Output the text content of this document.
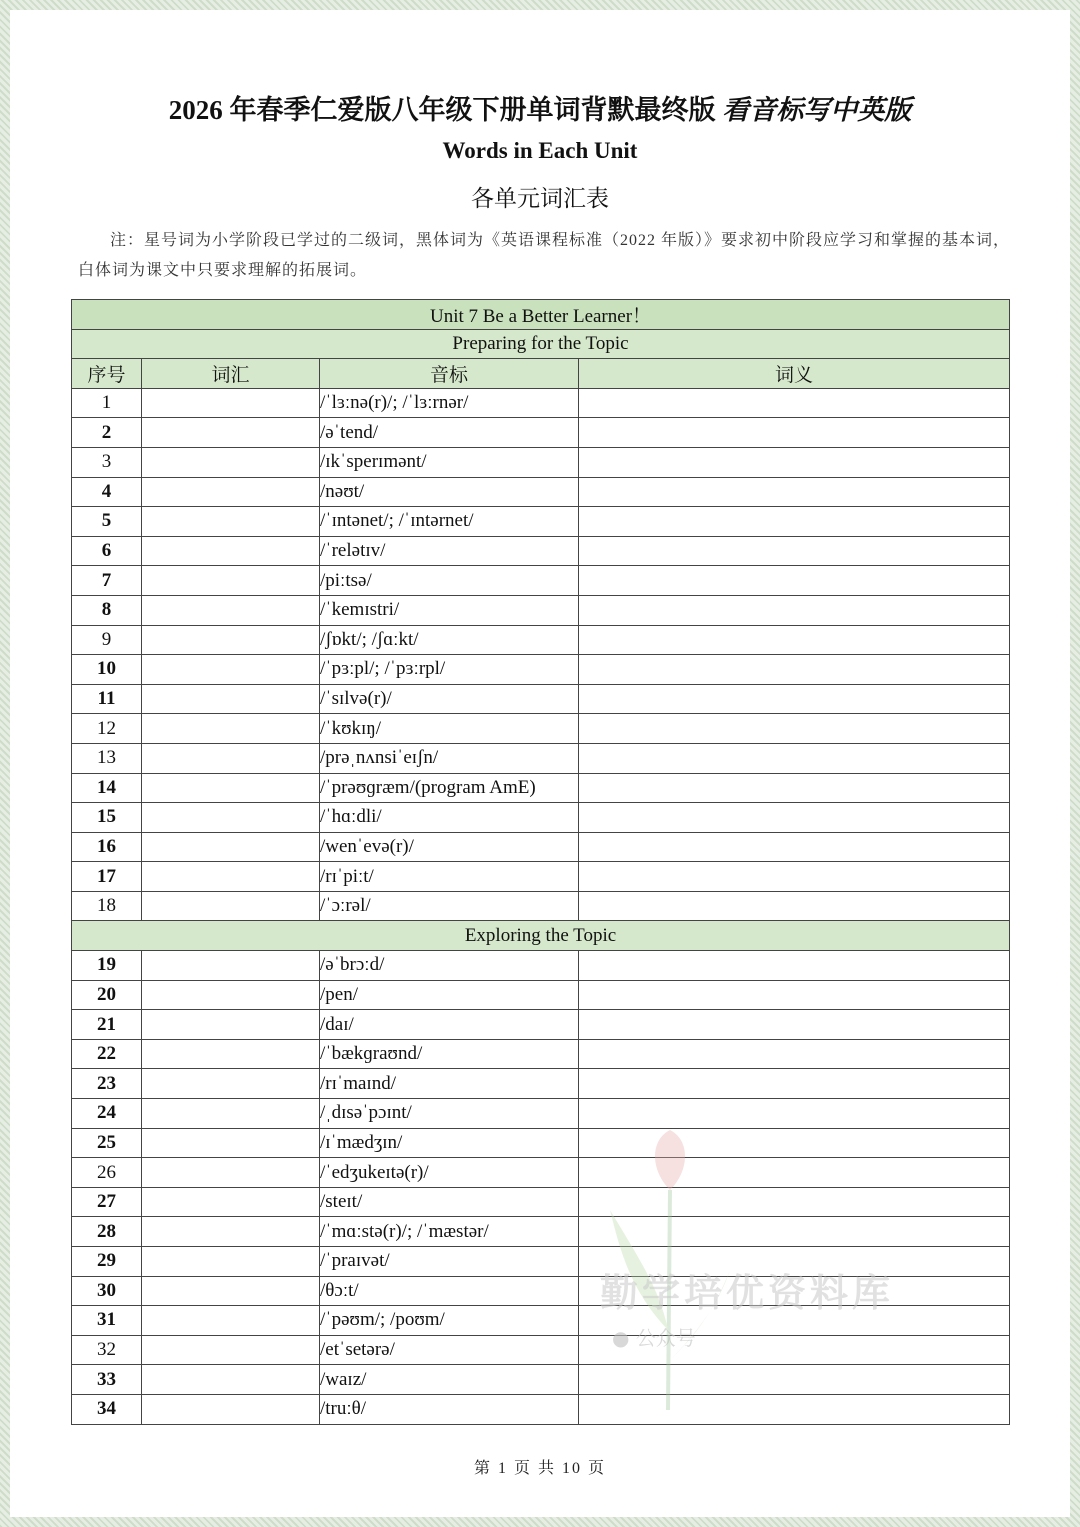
2026 年春季仁爱版八年级下册单词背默最终版 看音标写中英版
Words in Each Unit
各单元词汇表
注：星号词为小学阶段已学过的二级词，黑体词为《英语课程标准（2022 年版）》要求初中阶段应学习和掌握的基本词，白体词为课文中只要求理解的拓展词。
Unit 7 Be a Better Learner！			
Preparing for the Topic			
序号	词汇	音标	词义
1		/ˈlɜːnə(r)/; /ˈlɜːrnər/	
2		/əˈtend/	
3		/ɪkˈsperɪmənt/	
4		/nəʊt/	
5		/ˈɪntənet/; /ˈɪntərnet/	
6		/ˈrelətɪv/	
7		/piːtsə/	
8		/ˈkemɪstri/	
9		/ʃɒkt/; /ʃɑːkt/	
10		/ˈpɜːpl/; /ˈpɜːrpl/	
11		/ˈsɪlvə(r)/	
12		/ˈkʊkɪŋ/	
13		/prəˌnʌnsiˈeɪʃn/	
14		/ˈprəʊɡræm/(program AmE)	
15		/ˈhɑːdli/	
16		/wenˈevə(r)/	
17		/rɪˈpiːt/	
18		/ˈɔːrəl/	
Exploring the Topic			
19		/əˈbrɔːd/	
20		/pen/	
21		/daɪ/	
22		/ˈbækɡraʊnd/	
23		/rɪˈmaɪnd/	
24		/ˌdɪsəˈpɔɪnt/	
25		/ɪˈmædʒɪn/	
26		/ˈedʒukeɪtə(r)/	
27		/steɪt/	
28		/ˈmɑːstə(r)/; /ˈmæstər/	
29		/ˈpraɪvət/	
30		/θɔːt/	
31		/ˈpəʊm/; /poʊm/	
32		/etˈsetərə/	
33		/waɪz/	
34		/truːθ/	
勤学培优资料库
● 公众号
第 1 页 共 10 页
